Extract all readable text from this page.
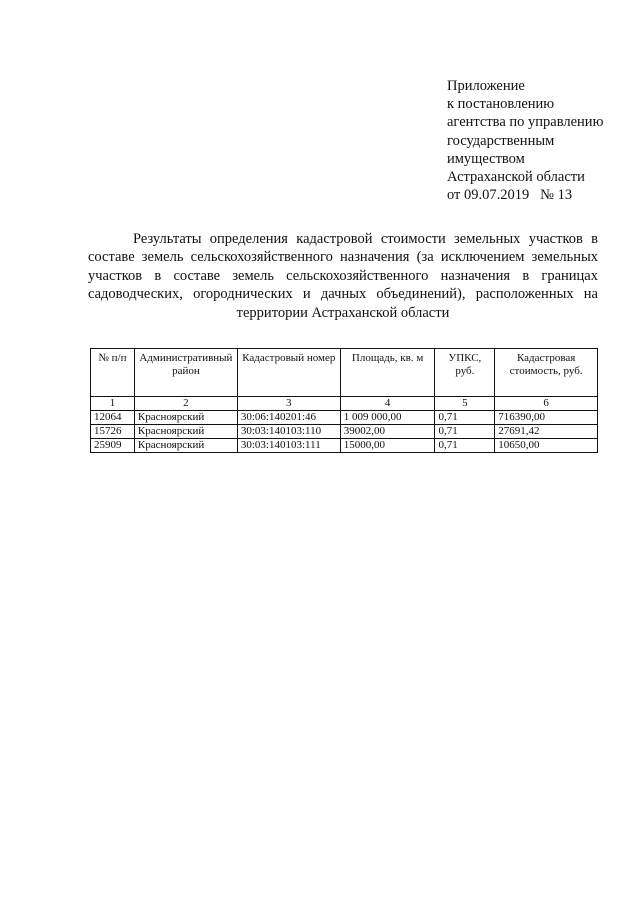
Приложение
к постановлению
агентства по управлению
государственным
имуществом
Астраханской области
от 09.07.2019   № 13

Результаты определения кадастровой стоимости земельных участков в составе земель сельскохозяйственного назначения (за исключением земельных участков в составе земель сельскохозяйственного назначения в границах садоводческих, огороднических и дачных объединений), расположенных на территории Астраханской области

№ п/п	Административный район	Кадастровый номер	Площадь, кв. м	УПКС, руб.	Кадастровая стоимость, руб.
1	2	3	4	5	6
12064	Красноярский	30:06:140201:46	1 009 000,00	0,71	716390,00
15726	Красноярский	30:03:140103:110	39002,00	0,71	27691,42
25909	Красноярский	30:03:140103:111	15000,00	0,71	10650,00
